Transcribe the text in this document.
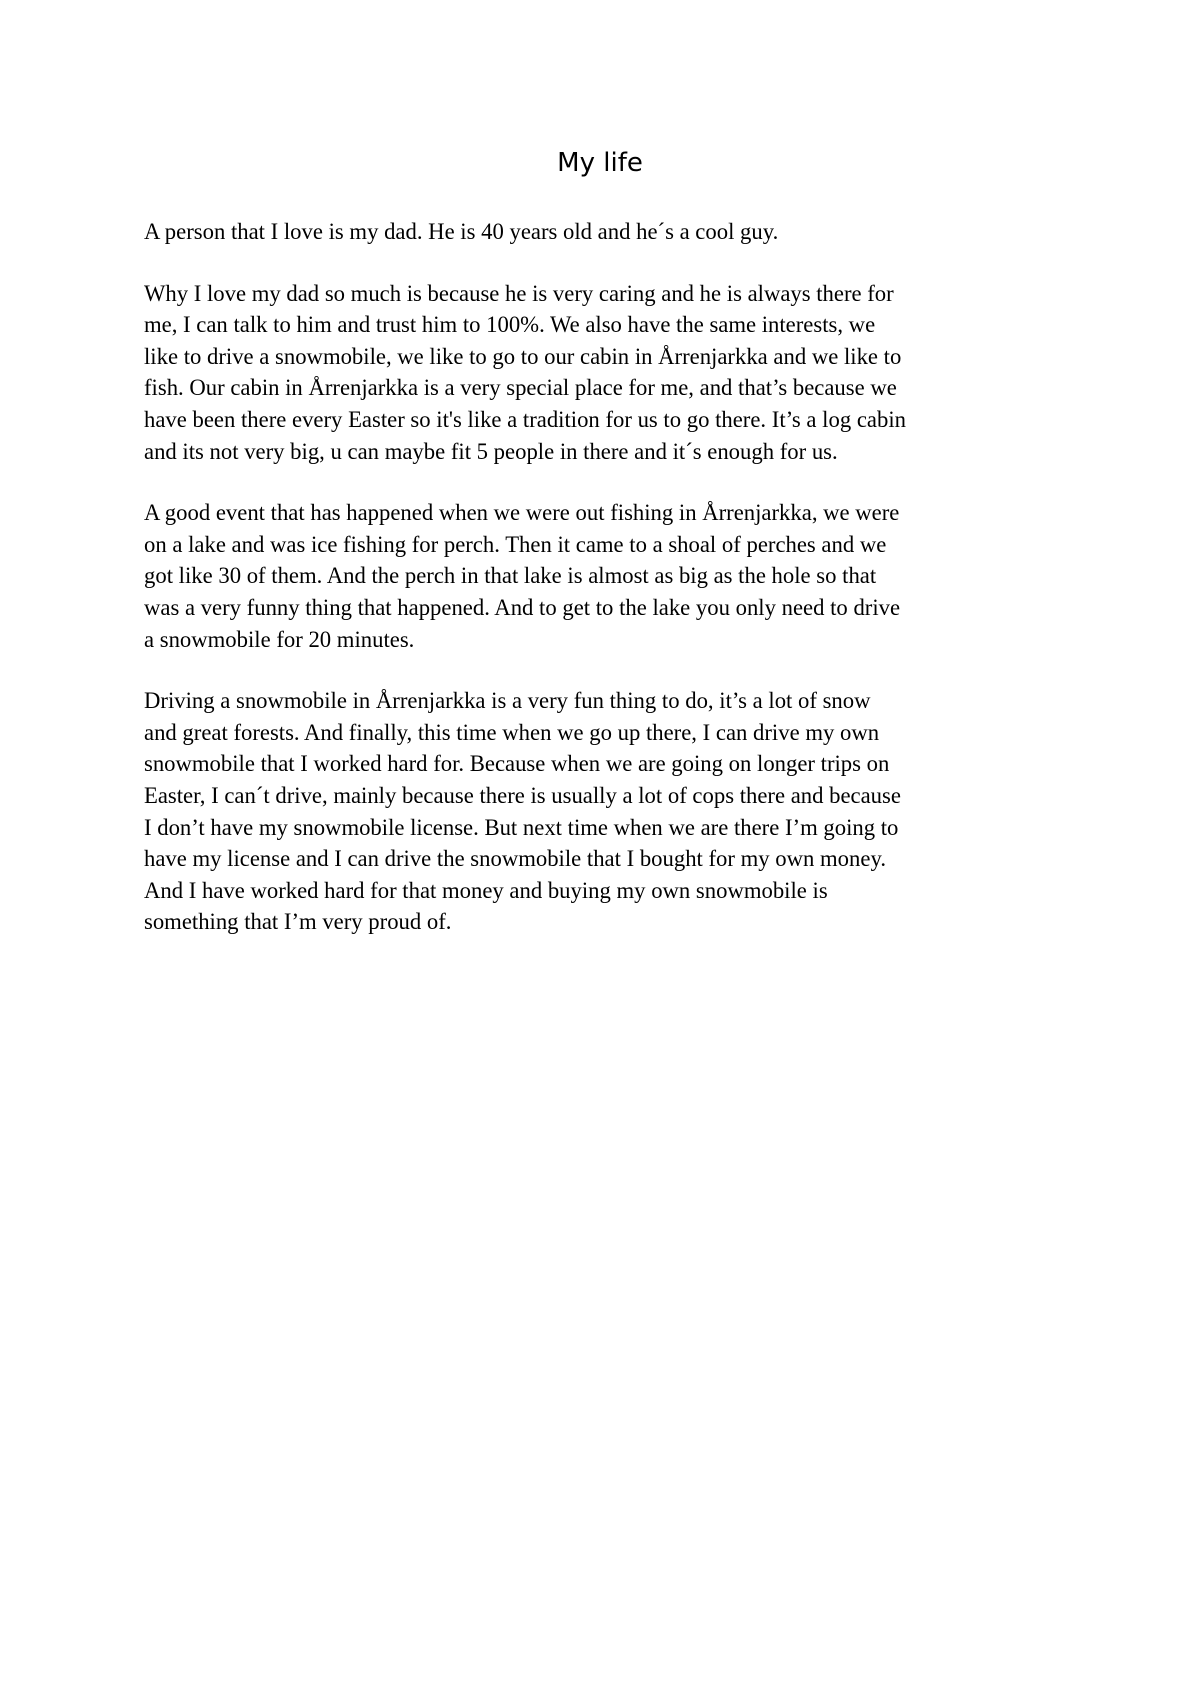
My life

A person that I love is my dad. He is 40 years old and he´s a cool guy.

Why I love my dad so much is because he is very caring and he is always there for
me, I can talk to him and trust him to 100%. We also have the same interests, we
like to drive a snowmobile, we like to go to our cabin in Årrenjarkka and we like to
fish. Our cabin in Årrenjarkka is a very special place for me, and that’s because we
have been there every Easter so it's like a tradition for us to go there. It’s a log cabin
and its not very big, u can maybe fit 5 people in there and it´s enough for us.

A good event that has happened when we were out fishing in Årrenjarkka, we were
on a lake and was ice fishing for perch. Then it came to a shoal of perches and we
got like 30 of them. And the perch in that lake is almost as big as the hole so that
was a very funny thing that happened. And to get to the lake you only need to drive
a snowmobile for 20 minutes.

Driving a snowmobile in Årrenjarkka is a very fun thing to do, it’s a lot of snow
and great forests. And finally, this time when we go up there, I can drive my own
snowmobile that I worked hard for. Because when we are going on longer trips on
Easter, I can´t drive, mainly because there is usually a lot of cops there and because
I don’t have my snowmobile license. But next time when we are there I’m going to
have my license and I can drive the snowmobile that I bought for my own money.
And I have worked hard for that money and buying my own snowmobile is
something that I’m very proud of.
